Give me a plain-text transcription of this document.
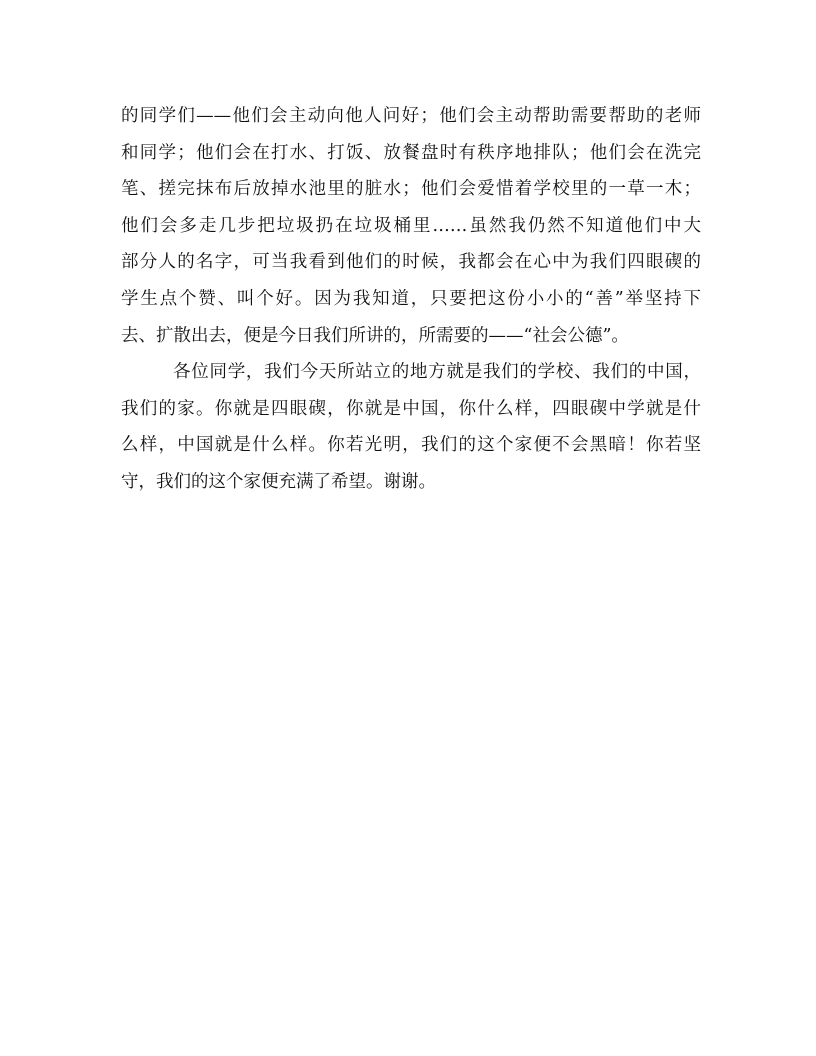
的同学们——他们会主动向他人问好；他们会主动帮助需要帮助的老师
和同学；他们会在打水、打饭、放餐盘时有秩序地排队；他们会在洗完
笔、搓完抹布后放掉水池里的脏水；他们会爱惜着学校里的一草一木；
他们会多走几步把垃圾扔在垃圾桶里……虽然我仍然不知道他们中大
部分人的名字，可当我看到他们的时候，我都会在心中为我们四眼碶的
学生点个赞、叫个好。因为我知道，只要把这份小小的“善”举坚持下
去、扩散出去，便是今日我们所讲的，所需要的——“社会公德”。
各位同学，我们今天所站立的地方就是我们的学校、我们的中国，
我们的家。你就是四眼碶，你就是中国，你什么样，四眼碶中学就是什
么样，中国就是什么样。你若光明，我们的这个家便不会黑暗！你若坚
守，我们的这个家便充满了希望。谢谢。
